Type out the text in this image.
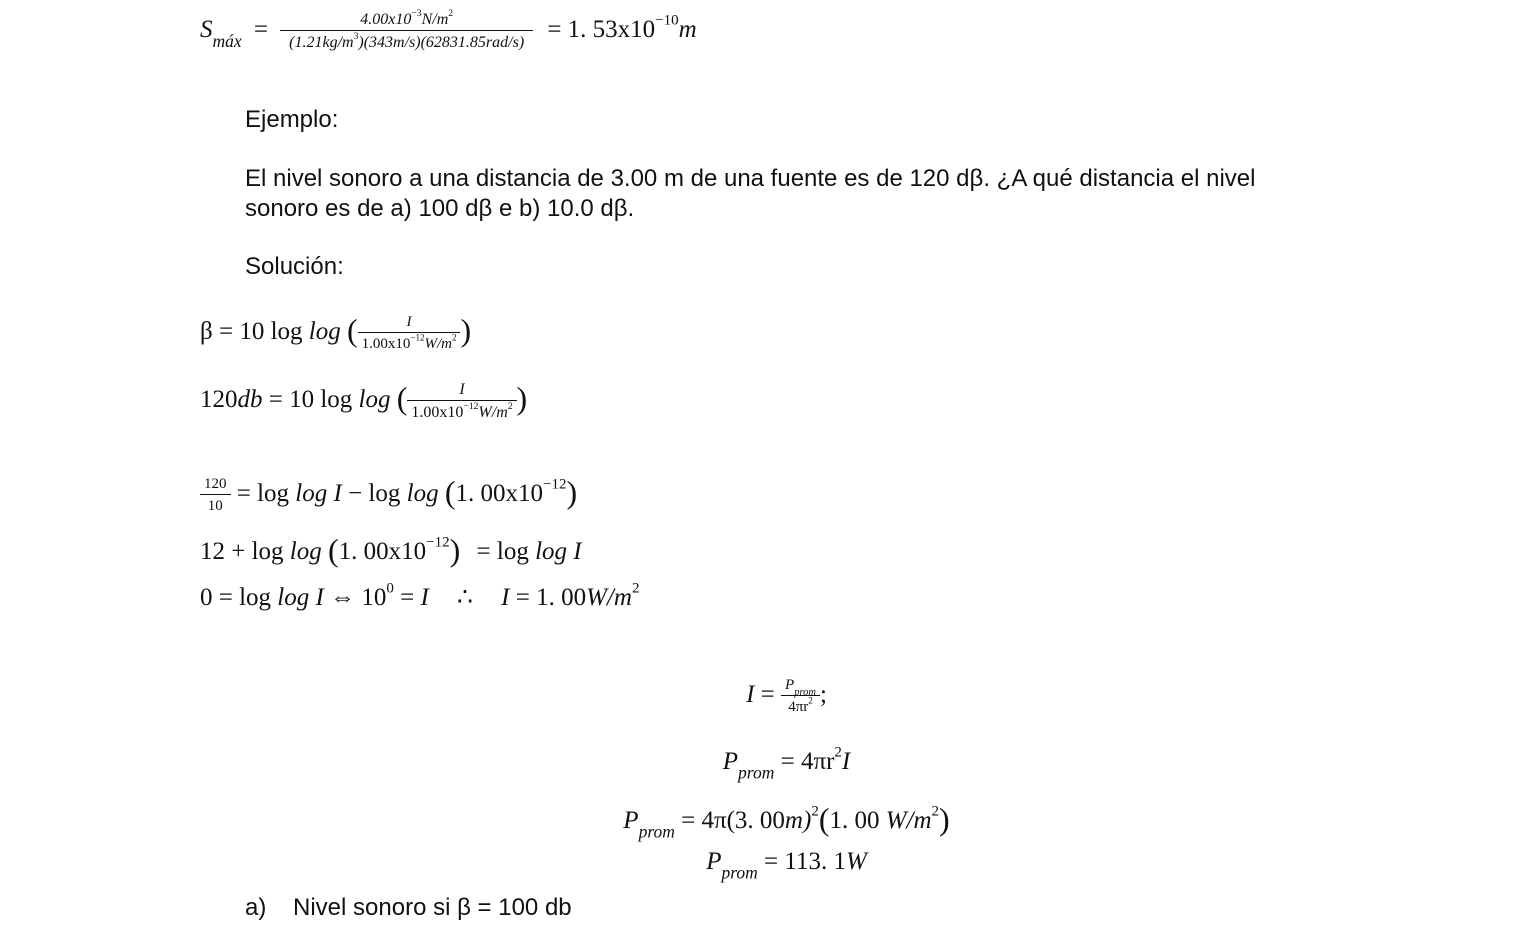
$S_{máx} = \frac{4.00x10^{-3}N/m^2}{(1.21kg/m^3)(343m/s)(62831.85rad/s)} = 1$. $53x10^{-10}m$
Ejemplo:
El nivel sonoro a una distancia de 3.00 m de una fuente es de 120 dβ. ¿A qué distancia el nivel
sonoro es de a) 100 dβ e b) 10.0 dβ.
Solución:
β = 10 log log ( $\frac{I}{1.00x10^{-12}W/m^2}$ )
120db = 10 log log ( $\frac{I}{1.00x10^{-12}W/m^2}$ )
$\frac{120}{10} = \log \log I - \log \log (1$. $00x10^{-12}$)
12 + log log (1. $00x10^{-12}) = \log \log I$
0 = log log I ⇔ $10^0 = I$ ∴ I = 1. $00W/m^2$
$I = \frac{P_{prom}}{4\pi r^2}$ ;
$P_{prom} = 4\pi r^2I$
$P_{prom} = 4\pi(3$. 00m)$^2$(1. 00 $W/m^2$)
$P_{prom} = 113$. 1W
a) Nivel sonoro si β = 100 db
